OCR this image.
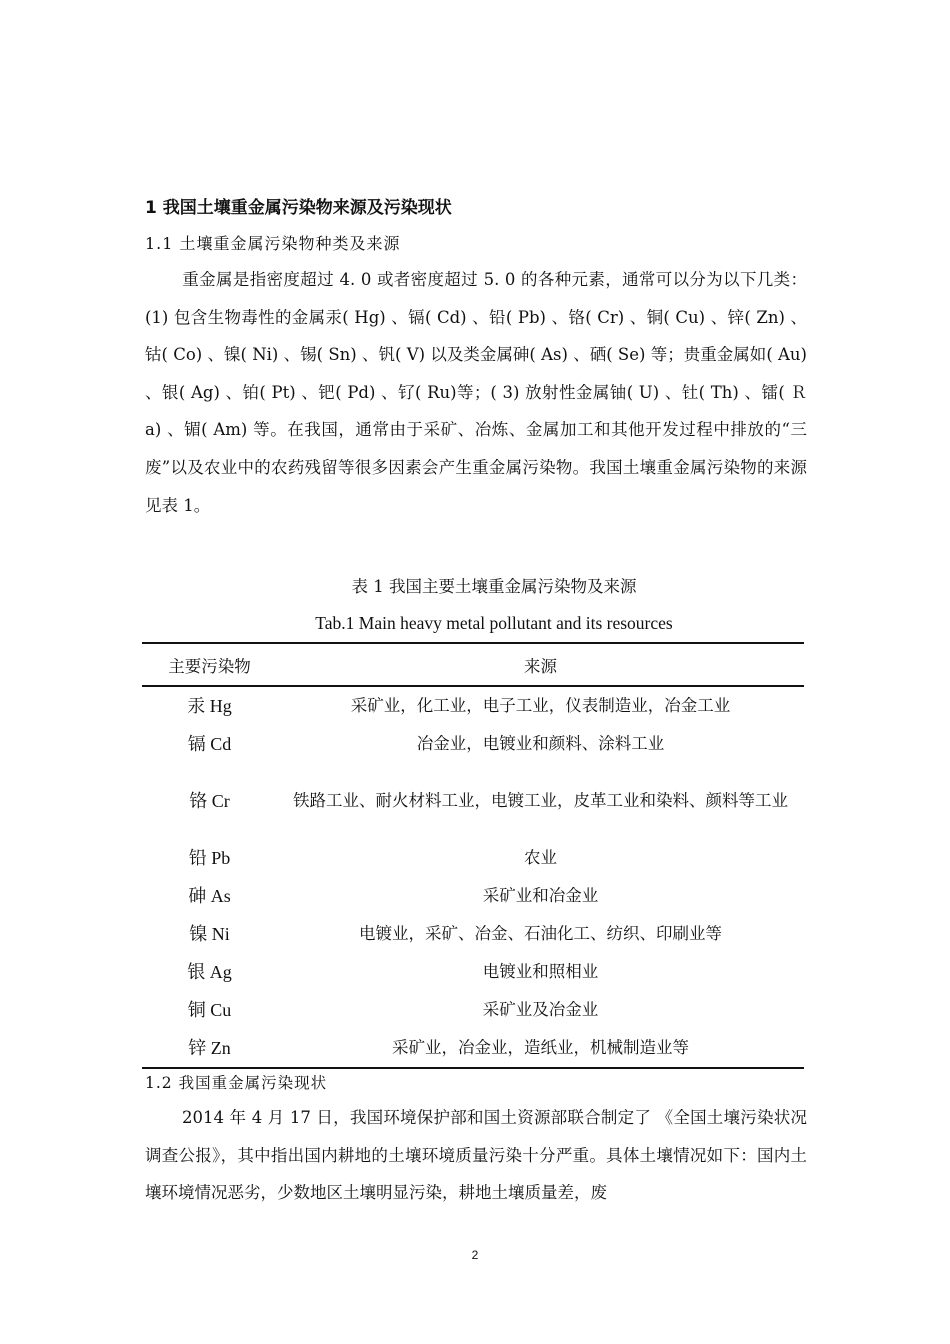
1 我国土壤重金属污染物来源及污染现状
1.1 土壤重金属污染物种类及来源
重金属是指密度超过 4. 0 或者密度超过 5. 0 的各种元素，通常可以分为以下几类：(1) 包含生物毒性的金属汞( Hg) 、镉( Cd) 、铅( Pb) 、铬( Cr) 、铜( Cu) 、锌( Zn) 、钴( Co) 、镍( Ni) 、锡( Sn) 、钒( V) 以及类金属砷( As) 、硒( Se) 等；贵重金属如( Au) 、银( Ag) 、铂( Pt) 、钯( Pd) 、钌( Ru)等；( 3) 放射性金属铀( U) 、钍( Th) 、镭( Ｒa) 、镅( Am) 等。在我国，通常由于采矿、冶炼、金属加工和其他开发过程中排放的“三废”以及农业中的农药残留等很多因素会产生重金属污染物。我国土壤重金属污染物的来源见表 1。
表 1 我国主要土壤重金属污染物及来源
Tab.1 Main heavy metal pollutant and its resources
主要污染物	来源
汞 Hg	采矿业，化工业，电子工业，仪表制造业，冶金工业
镉 Cd	冶金业，电镀业和颜料、涂料工业
铬 Cr	铁路工业、耐火材料工业，电镀工业，皮革工业和染料、颜料等工业
铅 Pb	农业
砷 As	采矿业和冶金业
镍 Ni	电镀业，采矿、冶金、石油化工、纺织、印刷业等
银 Ag	电镀业和照相业
铜 Cu	采矿业及冶金业
锌 Zn	采矿业，冶金业，造纸业，机械制造业等
1.2 我国重金属污染现状
2014 年 4 月 17 日，我国环境保护部和国土资源部联合制定了 《全国土壤污染状况调查公报》，其中指出国内耕地的土壤环境质量污染十分严重。具体土壤情况如下：国内土壤环境情况恶劣，少数地区土壤明显污染，耕地土壤质量差，废
2
